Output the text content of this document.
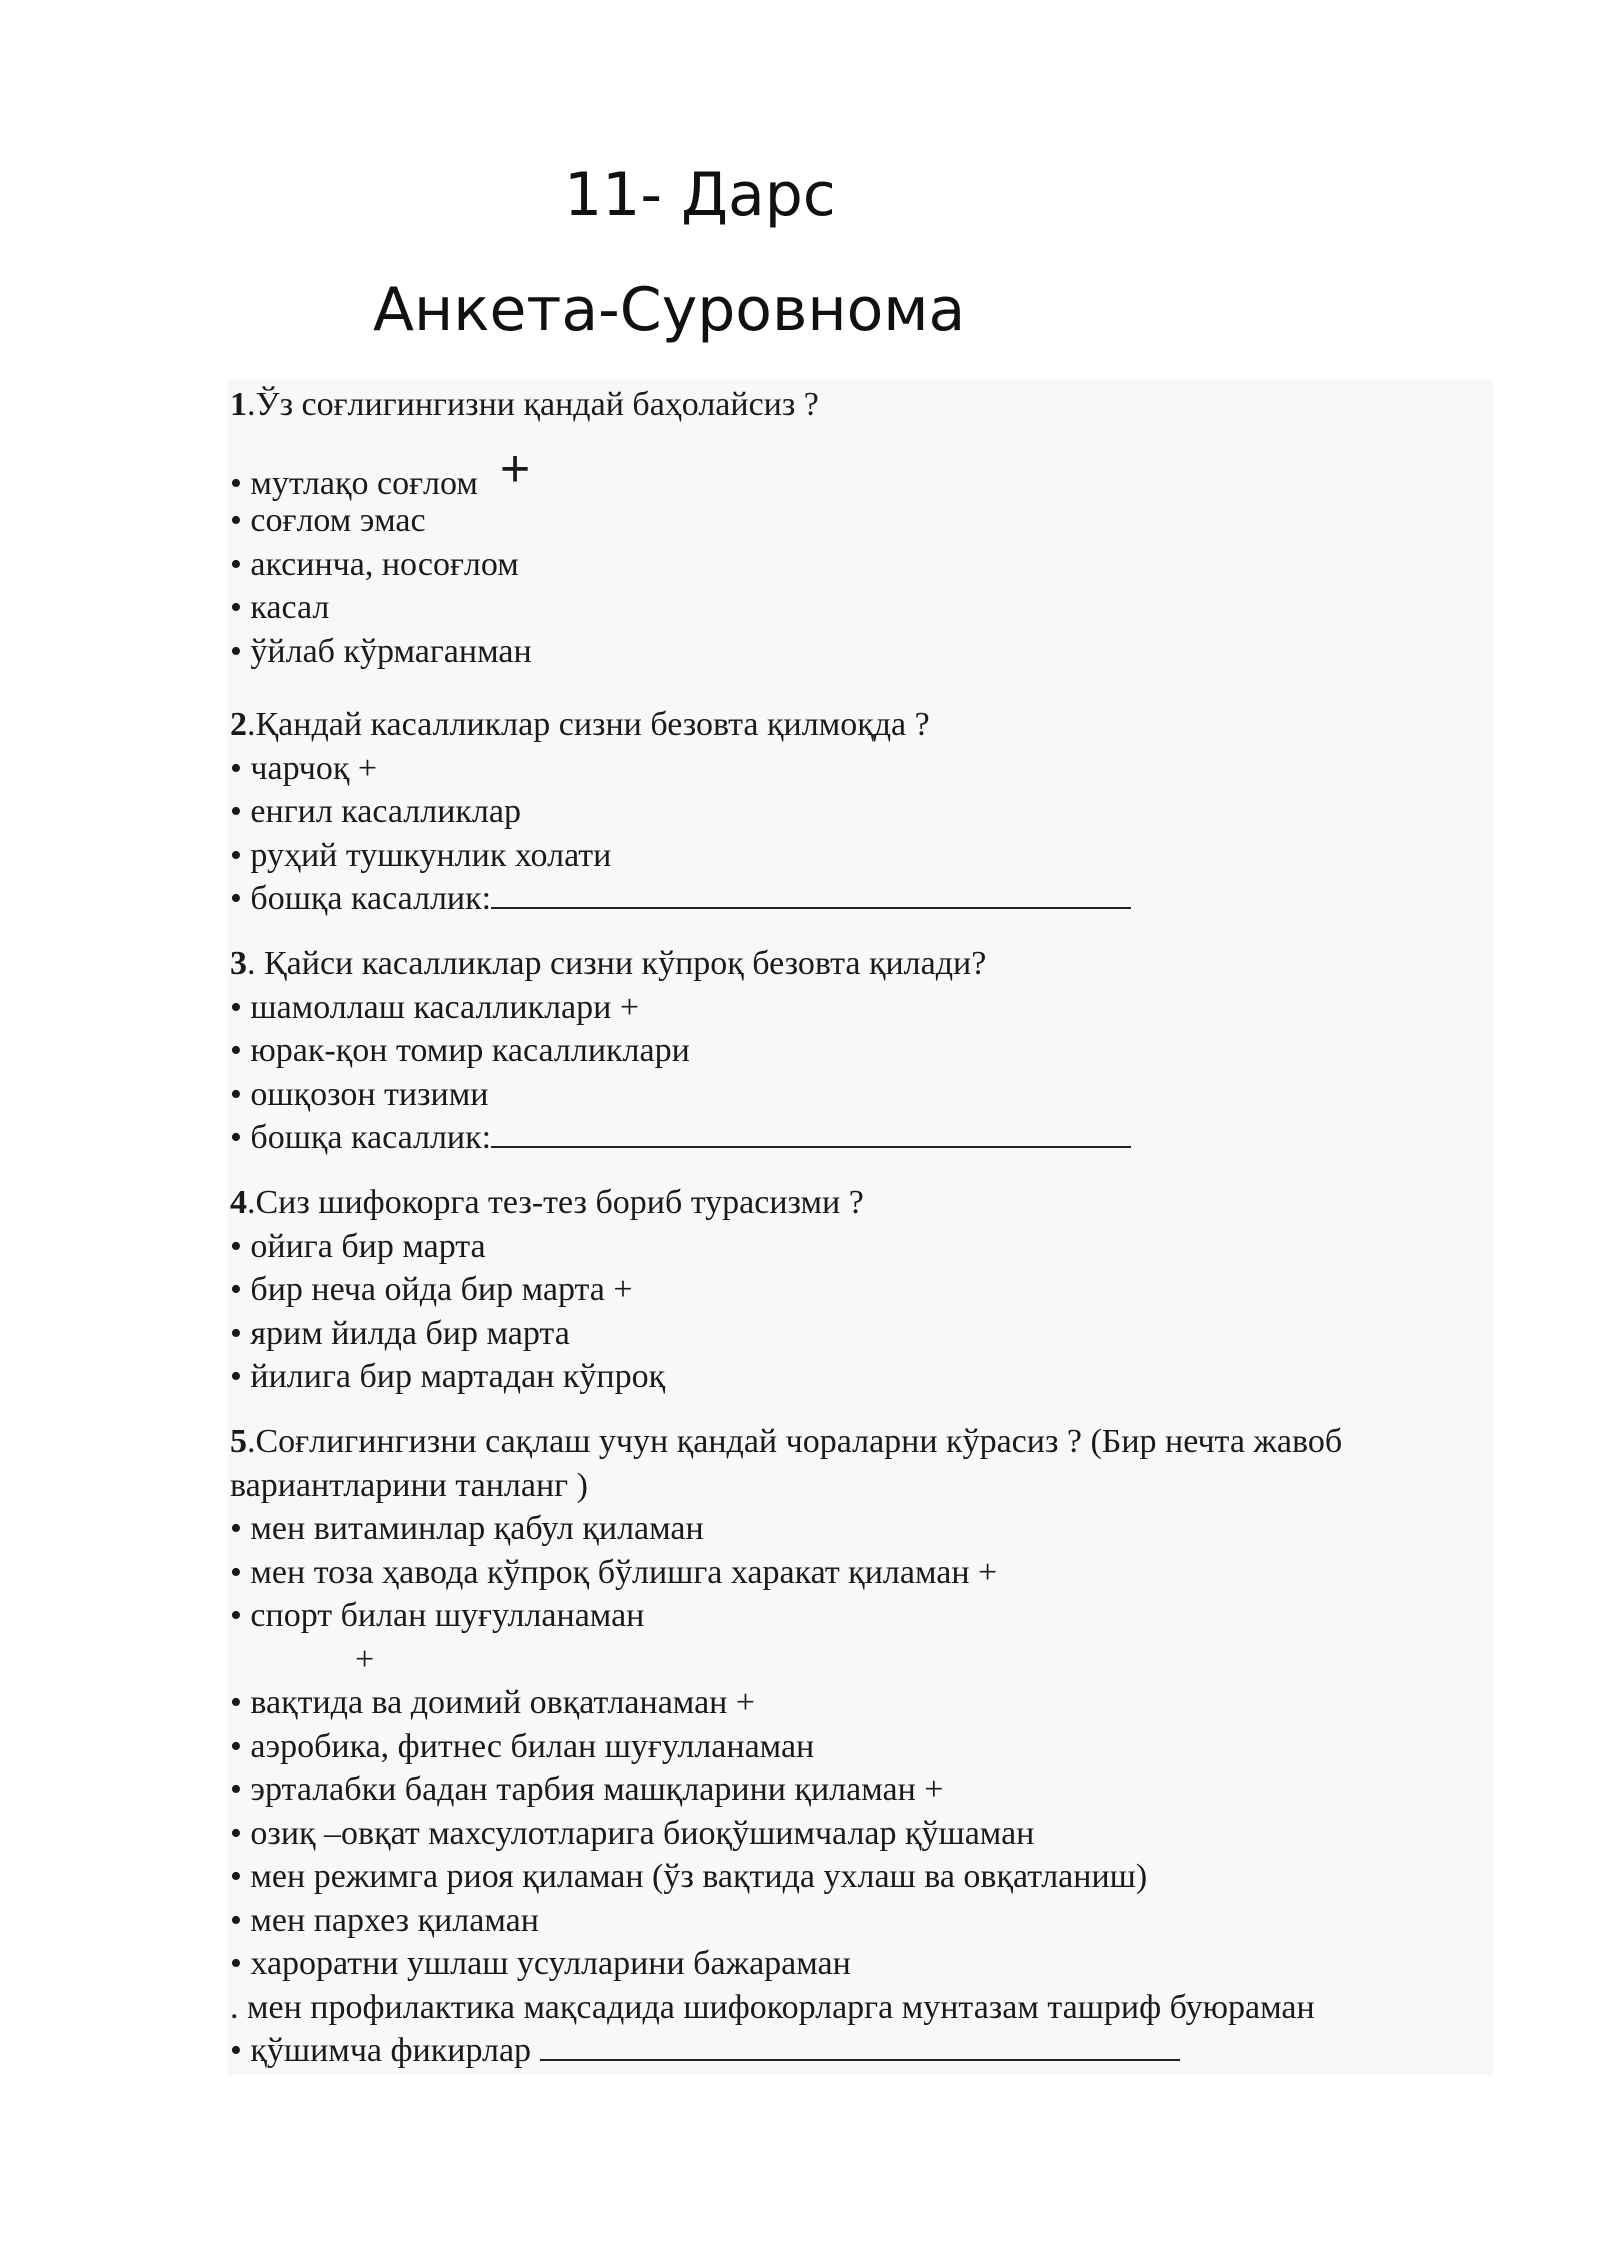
11- Дарс
Анкета-Суровнома
1.Ўз соғлигингизни қандай баҳолайсиз ?
• мутлақо соғлом +
• соғлом эмас
• аксинча, носоғлом
• касал
• ўйлаб кўрмаганман
2.Қандай касалликлар сизни безовта қилмоқда ?
• чарчоқ +
• енгил касалликлар
• руҳий тушкунлик холати
• бошқа касаллик:
3. Қайси касалликлар сизни кўпроқ безовта қилади?
• шамоллаш касалликлари +
• юрак-қон томир касалликлари
• ошқозон тизими
• бошқа касаллик:
4.Сиз шифокорга тез-тез бориб турасизми ?
• ойига бир марта
• бир неча ойда бир марта +
• ярим йилда бир марта
• йилига бир мартадан кўпроқ
5.Соғлигингизни сақлаш учун қандай чораларни кўрасиз ? (Бир нечта жавоб
вариантларини танланг )
• мен витаминлар қабул қиламан
• мен тоза ҳавода кўпроқ бўлишга харакат қиламан +
• спорт билан шуғулланаман
+
• вақтида ва доимий овқатланаман +
• аэробика, фитнес билан шуғулланаман
• эрталабки бадан тарбия машқларини қиламан +
• озиқ –овқат махсулотларига биоқўшимчалар қўшаман
• мен режимга риоя қиламан (ўз вақтида ухлаш ва овқатланиш)
• мен пархез қиламан
• хароратни ушлаш усулларини бажараман
. мен профилактика мақсадида шифокорларга мунтазам ташриф буюраман
• қўшимча фикирлар
